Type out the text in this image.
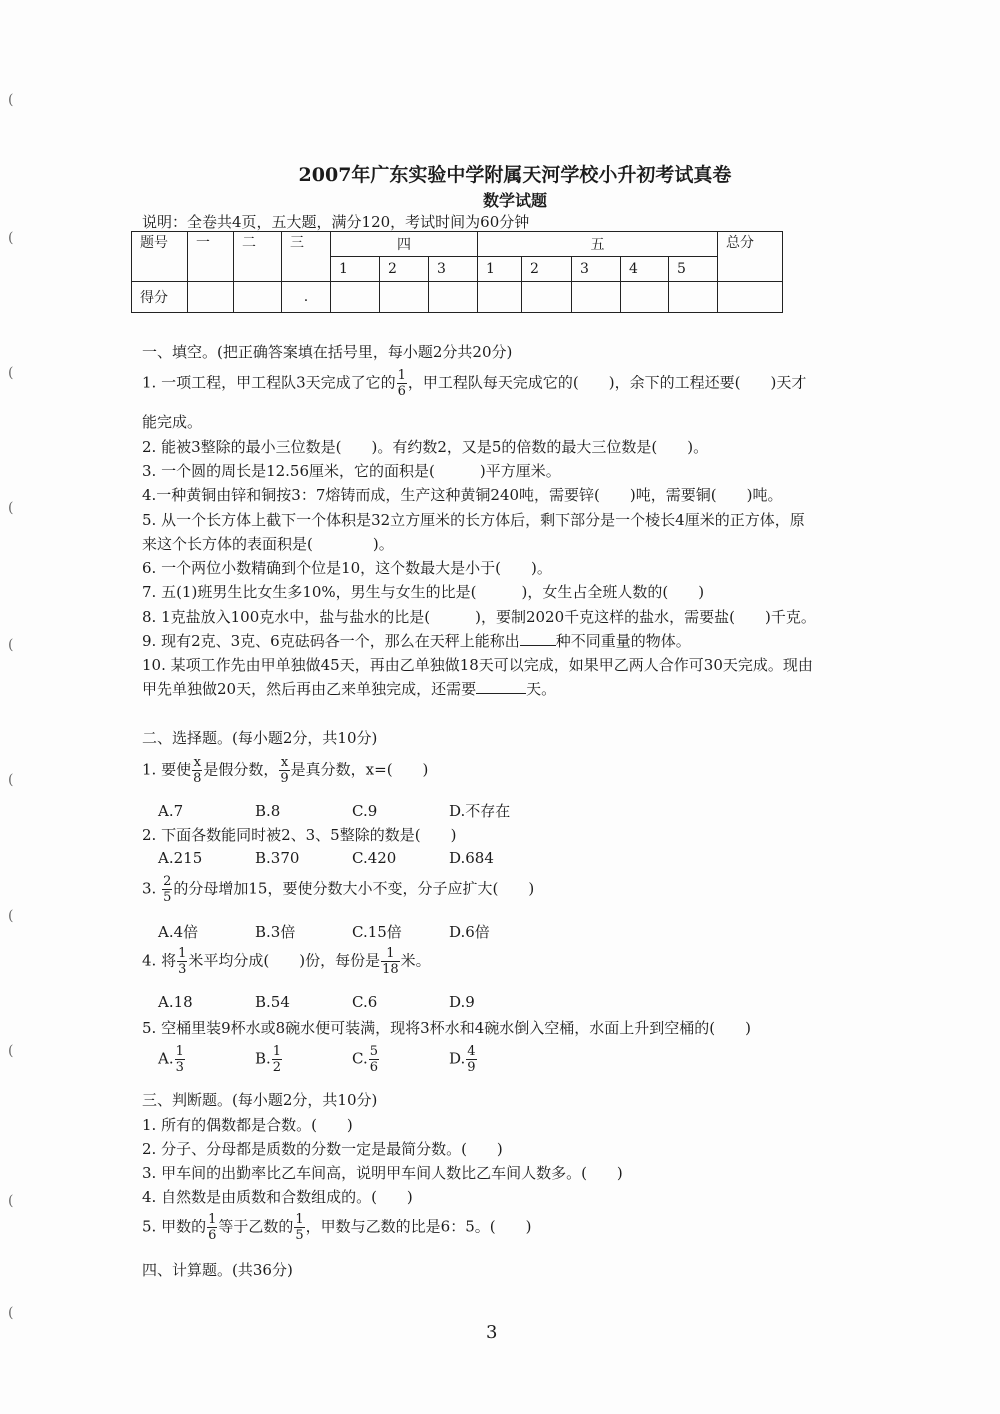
(
(
(
(
(
(
(
(
(
(
2007年广东实验中学附属天河学校小升初考试真卷
数学试题
说明：全卷共4页，五大题，满分120，考试时间为60分钟
题号	一	二	三	四			五					总分
				1	2	3	1	2	3	4	5	
得分			.									
一、填空。(把正确答案填在括号里，每小题2分共20分)
1. 一项工程，甲工程队3天完成了它的 $\frac{1}{6}$ ，甲工程队每天完成它的(　　)，余下的工程还要(　　)天才
能完成。
2. 能被3整除的最小三位数是(　　)。有约数2，又是5的倍数的最大三位数是(　　)。
3. 一个圆的周长是12.56厘米，它的面积是(　　　)平方厘米。
4.一种黄铜由锌和铜按3：7熔铸而成，生产这种黄铜240吨，需要锌(　　)吨，需要铜(　　)吨。
5. 从一个长方体上截下一个体积是32立方厘米的长方体后，剩下部分是一个棱长4厘米的正方体，原
来这个长方体的表面积是(　　　　)。
6. 一个两位小数精确到个位是10，这个数最大是小于(　　)。
7. 五(1)班男生比女生多10%，男生与女生的比是(　　　)，女生占全班人数的(　　)
8. 1克盐放入100克水中，盐与盐水的比是(　　　)，要制2020千克这样的盐水，需要盐(　　)千克。
9. 现有2克、3克、6克砝码各一个，那么在天秤上能称出 种不同重量的物体。
10. 某项工作先由甲单独做45天，再由乙单独做18天可以完成，如果甲乙两人合作可30天完成。现由
甲先单独做20天，然后再由乙来单独完成，还需要	天。
二、选择题。(每小题2分，共10分)
1. 要使 $\frac{x}{8}$ 是假分数， $\frac{x}{9}$ 是真分数，x=(　　)
A.7	B.8	C.9	D.不存在
2. 下面各数能同时被2、3、5整除的数是(　　)
A.215	B.370	C.420	D.684
3. $\frac{2}{5}$ 的分母增加15，要使分数大小不变，分子应扩大(　　)
A.4倍	B.3倍	C.15倍	D.6倍
4. 将 $\frac{1}{3}$ 米平均分成(　　)份，每份是 $\frac{1}{18}$ 米。
A.18	B.54	C.6	D.9
5. 空桶里装9杯水或8碗水便可装满，现将3杯水和4碗水倒入空桶，水面上升到空桶的(　　)
A. $\frac{1}{3}$	B. $\frac{1}{2}$	C. $\frac{5}{6}$	D. $\frac{4}{9}$
三、判断题。(每小题2分，共10分)
1. 所有的偶数都是合数。(　　)
2. 分子、分母都是质数的分数一定是最简分数。(　　)
3. 甲车间的出勤率比乙车间高，说明甲车间人数比乙车间人数多。(　　)
4. 自然数是由质数和合数组成的。(　　)
5. 甲数的 $\frac{1}{6}$ 等于乙数的 $\frac{1}{5}$ ，甲数与乙数的比是6：5。(　　)
四、计算题。(共36分)
3
